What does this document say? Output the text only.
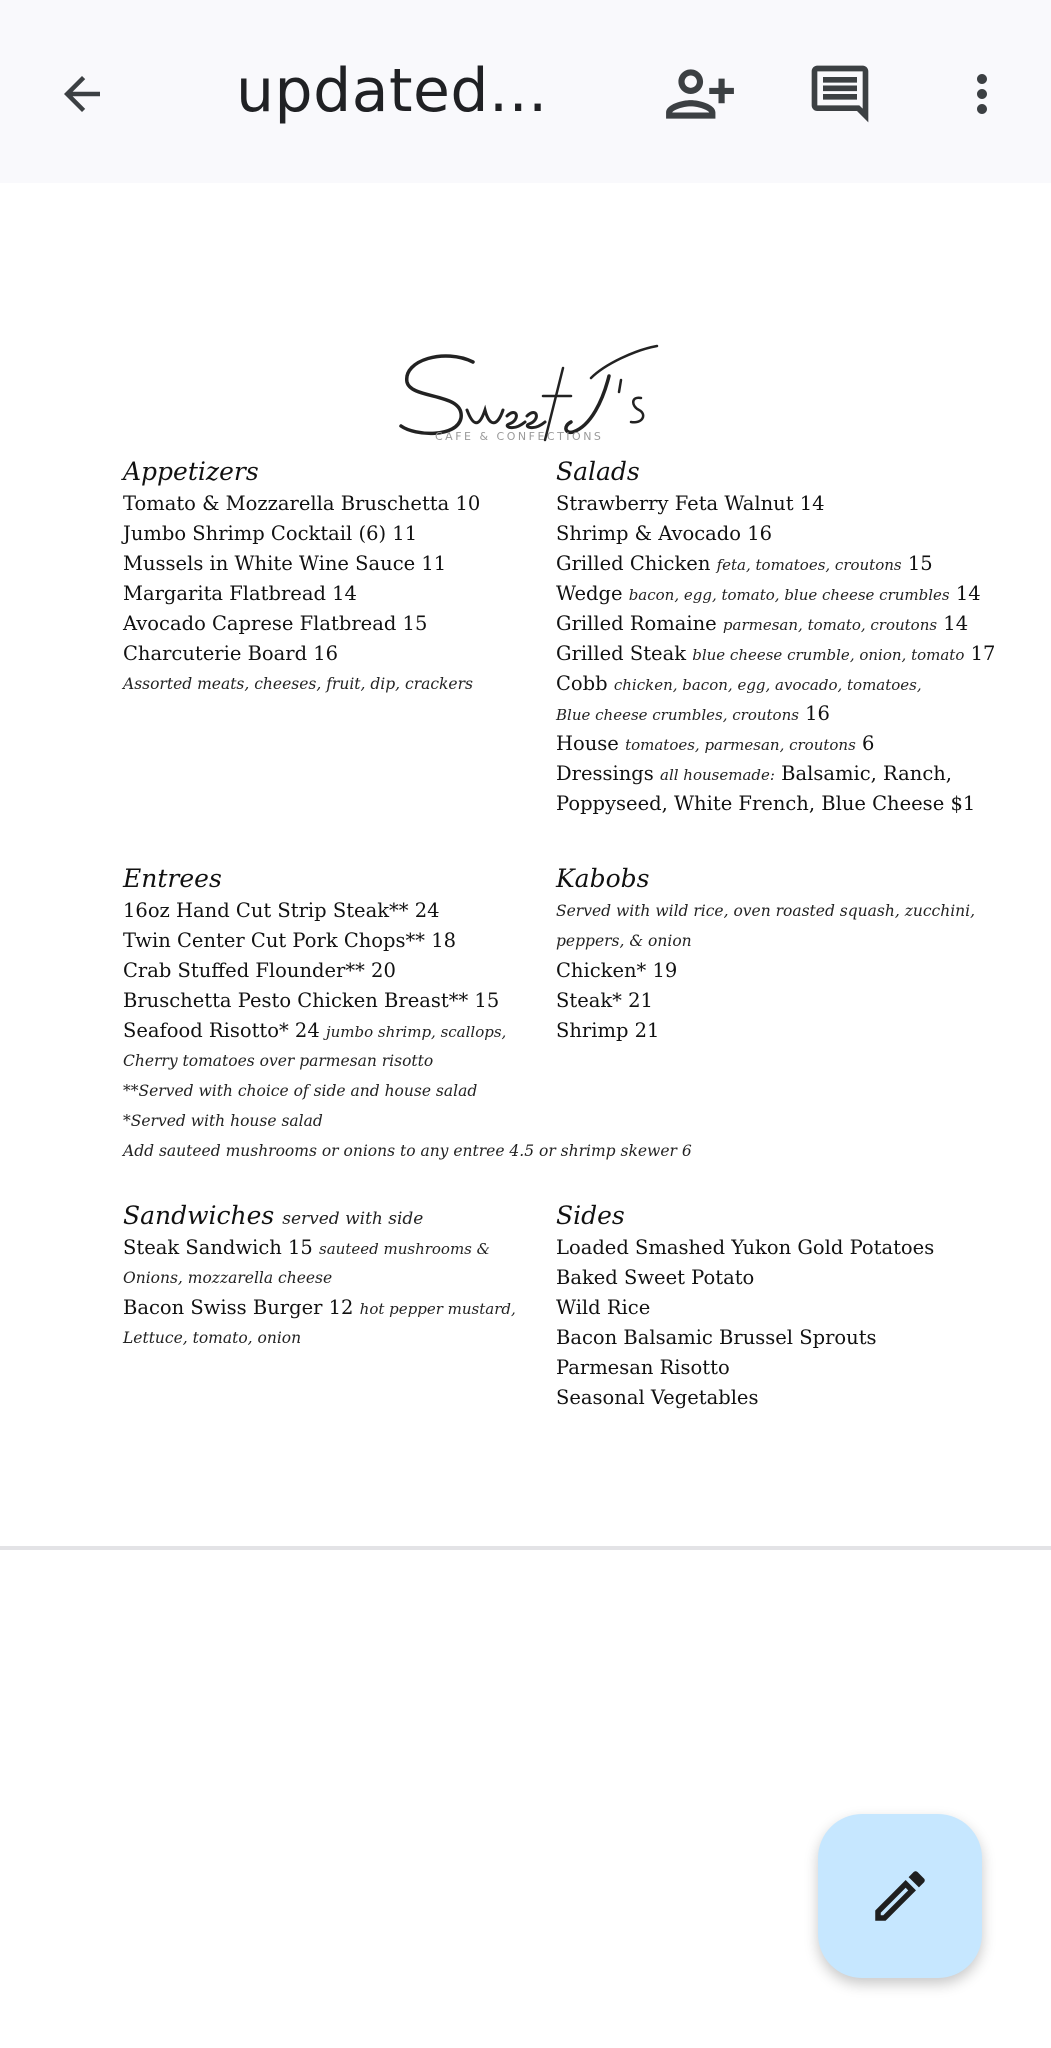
updated...
CAFE & CONFECTIONS
Appetizers
Tomato & Mozzarella Bruschetta 10
Jumbo Shrimp Cocktail (6) 11
Mussels in White Wine Sauce 11
Margarita Flatbread 14
Avocado Caprese Flatbread 15
Charcuterie Board 16
Assorted meats, cheeses, fruit, dip, crackers
Salads
Strawberry Feta Walnut 14
Shrimp & Avocado 16
Grilled Chicken feta, tomatoes, croutons 15
Wedge bacon, egg, tomato, blue cheese crumbles 14
Grilled Romaine parmesan, tomato, croutons 14
Grilled Steak blue cheese crumble, onion, tomato 17
Cobb chicken, bacon, egg, avocado, tomatoes,
Blue cheese crumbles, croutons 16
House tomatoes, parmesan, croutons 6
Dressings all housemade: Balsamic, Ranch,
Poppyseed, White French, Blue Cheese $1
Entrees
16oz Hand Cut Strip Steak** 24
Twin Center Cut Pork Chops** 18
Crab Stuffed Flounder** 20
Bruschetta Pesto Chicken Breast** 15
Seafood Risotto* 24 jumbo shrimp, scallops,
Cherry tomatoes over parmesan risotto
**Served with choice of side and house salad
*Served with house salad
Add sauteed mushrooms or onions to any entree 4.5 or shrimp skewer 6
Kabobs
Served with wild rice, oven roasted squash, zucchini,
peppers, & onion
Chicken* 19
Steak* 21
Shrimp 21
Sandwiches served with side
Steak Sandwich 15 sauteed mushrooms &
Onions, mozzarella cheese
Bacon Swiss Burger 12 hot pepper mustard,
Lettuce, tomato, onion
Sides
Loaded Smashed Yukon Gold Potatoes
Baked Sweet Potato
Wild Rice
Bacon Balsamic Brussel Sprouts
Parmesan Risotto
Seasonal Vegetables
